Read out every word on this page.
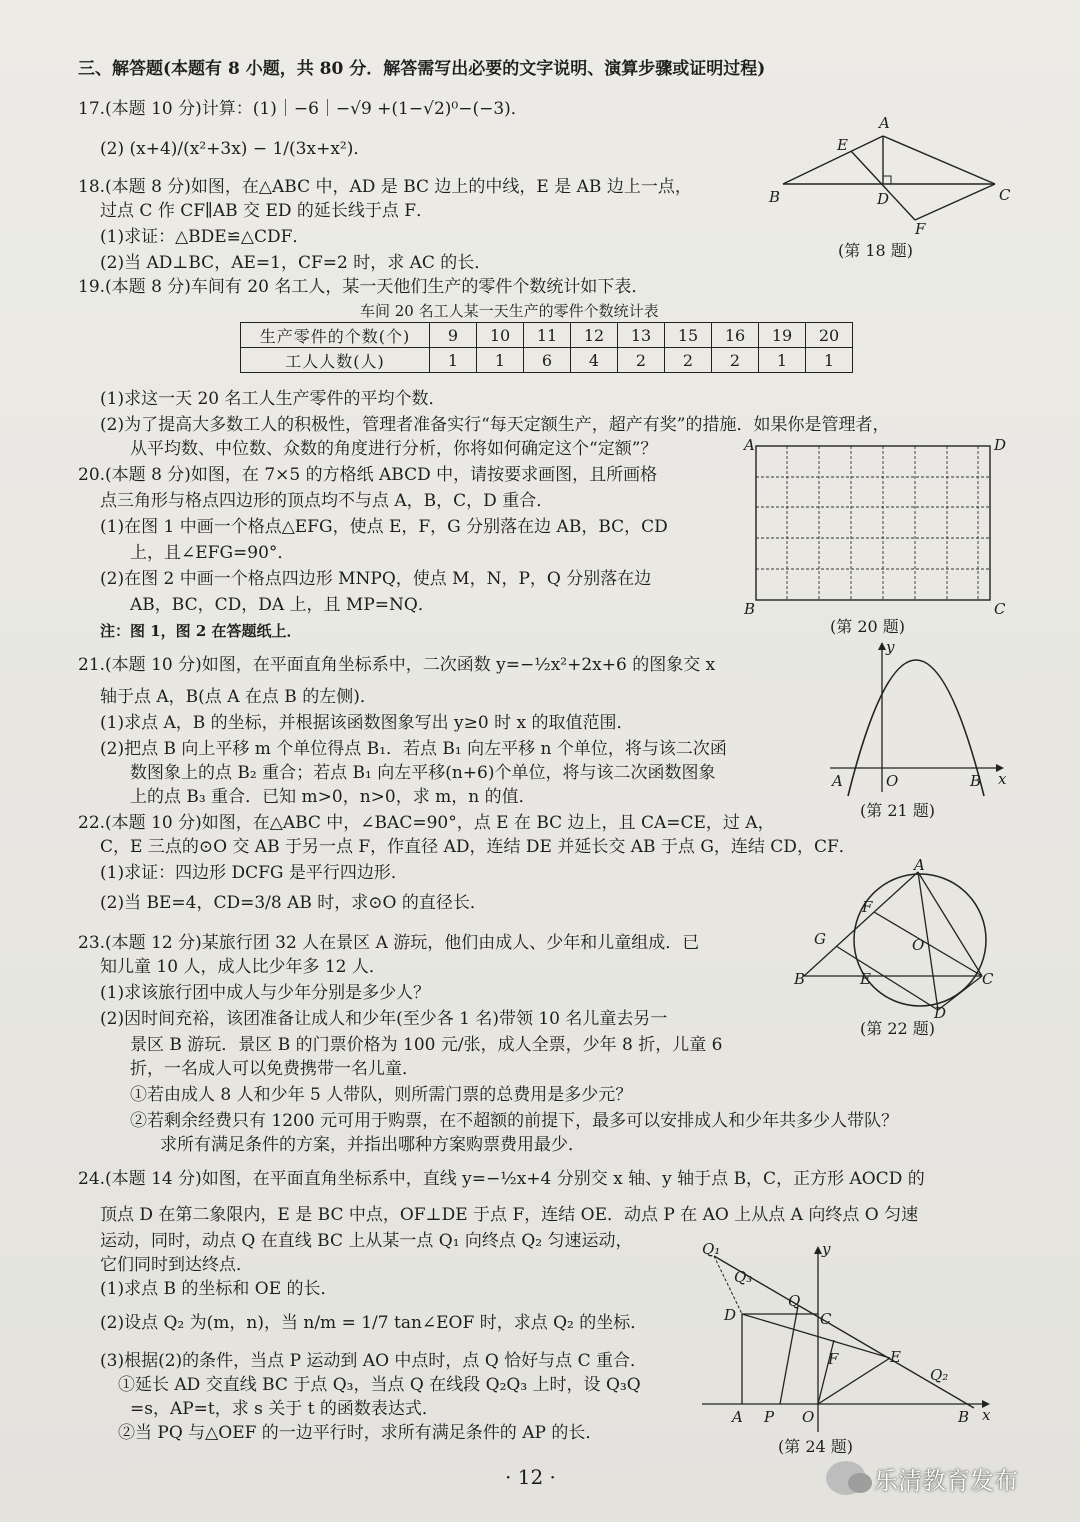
三、解答题(本题有 8 小题，共 80 分．解答需写出必要的文字说明、演算步骤或证明过程)
17.(本题 10 分)计算：(1)｜−6｜−√9 +(1−√2)⁰−(−3)．
(2) (x+4)/(x²+3x) − 1/(3x+x²)．
18.(本题 8 分)如图，在△ABC 中，AD 是 BC 边上的中线，E 是 AB 边上一点，
过点 C 作 CF∥AB 交 ED 的延长线于点 F．
(1)求证：△BDE≌△CDF．
(2)当 AD⊥BC，AE=1，CF=2 时，求 AC 的长．
A
E
B	D	C
F
(第 18 题)
19.(本题 8 分)车间有 20 名工人，某一天他们生产的零件个数统计如下表．
车间 20 名工人某一天生产的零件个数统计表
生产零件的个数(个)	9	10	11	12	13	15	16	19	20
工人人数(人)	1	1	6	4	2	2	2	1	1
(1)求这一天 20 名工人生产零件的平均个数．
(2)为了提高大多数工人的积极性，管理者准备实行“每天定额生产，超产有奖”的措施．如果你是管理者，
从平均数、中位数、众数的角度进行分析，你将如何确定这个“定额”？
20.(本题 8 分)如图，在 7×5 的方格纸 ABCD 中，请按要求画图，且所画格
点三角形与格点四边形的顶点均不与点 A，B，C，D 重合．
(1)在图 1 中画一个格点△EFG，使点 E，F，G 分别落在边 AB，BC，CD
上，且∠EFG=90°．
(2)在图 2 中画一个格点四边形 MNPQ，使点 M，N，P，Q 分别落在边
AB，BC，CD，DA 上，且 MP=NQ．
注：图 1，图 2 在答题纸上．
A	D
B	C
(第 20 题)
21.(本题 10 分)如图，在平面直角坐标系中，二次函数 y=−½x²+2x+6 的图象交 x
轴于点 A，B(点 A 在点 B 的左侧)．
(1)求点 A，B 的坐标，并根据该函数图象写出 y≥0 时 x 的取值范围．
(2)把点 B 向上平移 m 个单位得点 B₁．若点 B₁ 向左平移 n 个单位，将与该二次函
数图象上的点 B₂ 重合；若点 B₁ 向左平移(n+6)个单位，将与该二次函数图象
上的点 B₃ 重合．已知 m>0，n>0，求 m，n 的值．
y
x
A	O	B
(第 21 题)
22.(本题 10 分)如图，在△ABC 中，∠BAC=90°，点 E 在 BC 边上，且 CA=CE，过 A，
C，E 三点的⊙O 交 AB 于另一点 F，作直径 AD，连结 DE 并延长交 AB 于点 G，连结 CD，CF．
(1)求证：四边形 DCFG 是平行四边形．
(2)当 BE=4，CD=3/8 AB 时，求⊙O 的直径长．
A
F
G	O
B	E	C
D
(第 22 题)
23.(本题 12 分)某旅行团 32 人在景区 A 游玩，他们由成人、少年和儿童组成．已
知儿童 10 人，成人比少年多 12 人．
(1)求该旅行团中成人与少年分别是多少人？
(2)因时间充裕，该团准备让成人和少年(至少各 1 名)带领 10 名儿童去另一
景区 B 游玩．景区 B 的门票价格为 100 元/张，成人全票，少年 8 折，儿童 6
折，一名成人可以免费携带一名儿童．
①若由成人 8 人和少年 5 人带队，则所需门票的总费用是多少元？
②若剩余经费只有 1200 元可用于购票，在不超额的前提下，最多可以安排成人和少年共多少人带队？
求所有满足条件的方案，并指出哪种方案购票费用最少．
24.(本题 14 分)如图，在平面直角坐标系中，直线 y=−½x+4 分别交 x 轴、y 轴于点 B，C，正方形 AOCD 的
顶点 D 在第二象限内，E 是 BC 中点，OF⊥DE 于点 F，连结 OE．动点 P 在 AO 上从点 A 向终点 O 匀速
运动，同时，动点 Q 在直线 BC 上从某一点 Q₁ 向终点 Q₂ 匀速运动，
它们同时到达终点．
(1)求点 B 的坐标和 OE 的长．
(2)设点 Q₂ 为(m，n)，当 n/m = 1/7 tan∠EOF 时，求点 Q₂ 的坐标．
(3)根据(2)的条件，当点 P 运动到 AO 中点时，点 Q 恰好与点 C 重合．
①延长 AD 交直线 BC 于点 Q₃，当点 Q 在线段 Q₂Q₃ 上时，设 Q₃Q
=s，AP=t，求 s 关于 t 的函数表达式．
②当 PQ 与△OEF 的一边平行时，求所有满足条件的 AP 的长．
Q₁
Q₃
y
Q
D	C
F	E
Q₂
A P O	B x
(第 24 题)
· 12 ·	乐清教育发布
